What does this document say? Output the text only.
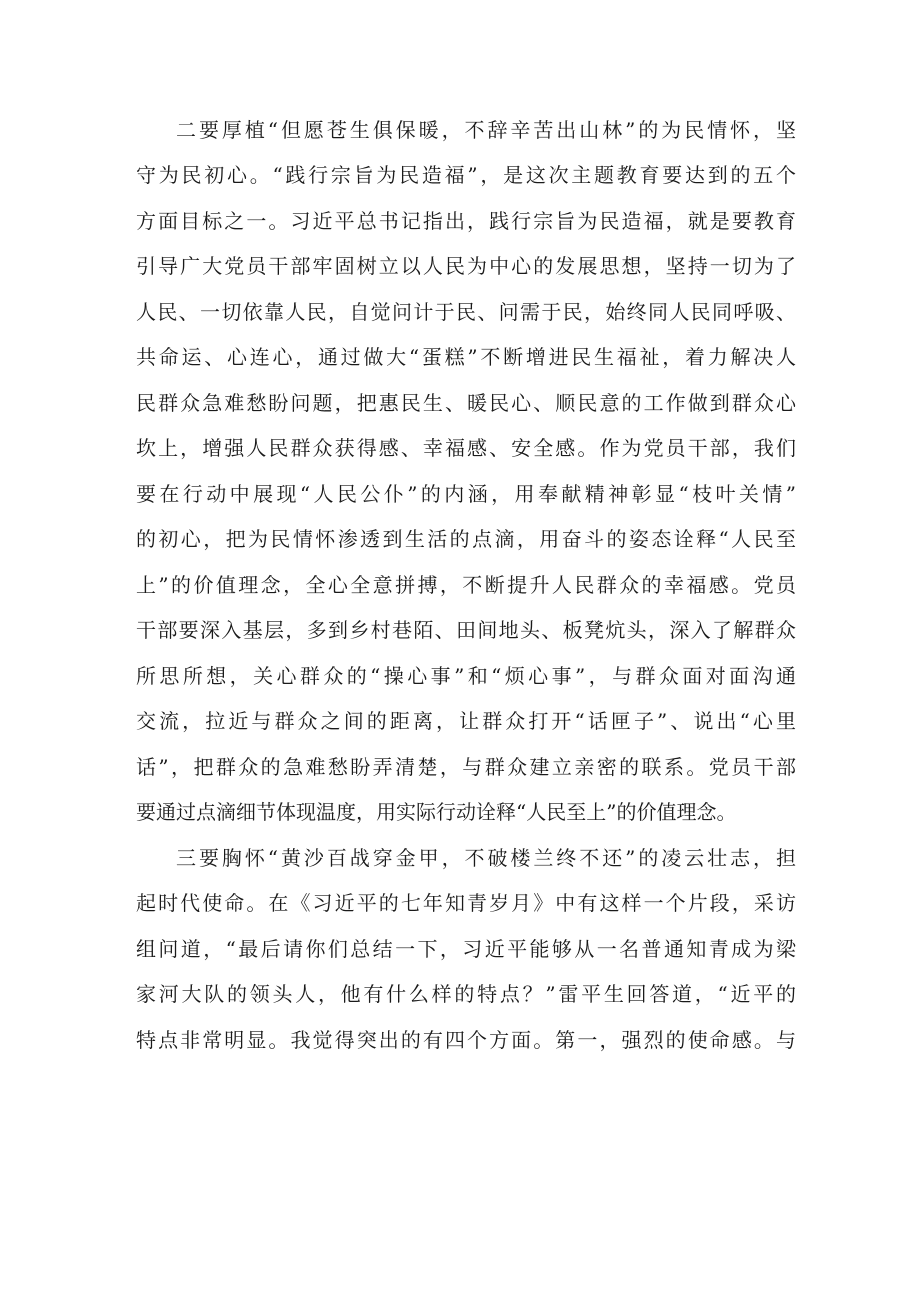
二要厚植“但愿苍生俱保暖，不辞辛苦出山林”的为民情怀，坚

守为民初心。“践行宗旨为民造福”，是这次主题教育要达到的五个

方面目标之一。习近平总书记指出，践行宗旨为民造福，就是要教育

引导广大党员干部牢固树立以人民为中心的发展思想，坚持一切为了

人民、一切依靠人民，自觉问计于民、问需于民，始终同人民同呼吸、

共命运、心连心，通过做大“蛋糕”不断增进民生福祉，着力解决人

民群众急难愁盼问题，把惠民生、暖民心、顺民意的工作做到群众心

坎上，增强人民群众获得感、幸福感、安全感。作为党员干部，我们

要在行动中展现“人民公仆”的内涵，用奉献精神彰显“枝叶关情”

的初心，把为民情怀渗透到生活的点滴，用奋斗的姿态诠释“人民至

上”的价值理念，全心全意拼搏，不断提升人民群众的幸福感。党员

干部要深入基层，多到乡村巷陌、田间地头、板凳炕头，深入了解群众

所思所想，关心群众的“操心事”和“烦心事”，与群众面对面沟通

交流，拉近与群众之间的距离，让群众打开“话匣子”、说出“心里

话”，把群众的急难愁盼弄清楚，与群众建立亲密的联系。党员干部

要通过点滴细节体现温度，用实际行动诠释“人民至上”的价值理念。

三要胸怀“黄沙百战穿金甲，不破楼兰终不还”的凌云壮志，担

起时代使命。在《习近平的七年知青岁月》中有这样一个片段，采访

组问道，“最后请你们总结一下，习近平能够从一名普通知青成为梁

家河大队的领头人，他有什么样的特点？”雷平生回答道，“近平的

特点非常明显。我觉得突出的有四个方面。第一，强烈的使命感。与
